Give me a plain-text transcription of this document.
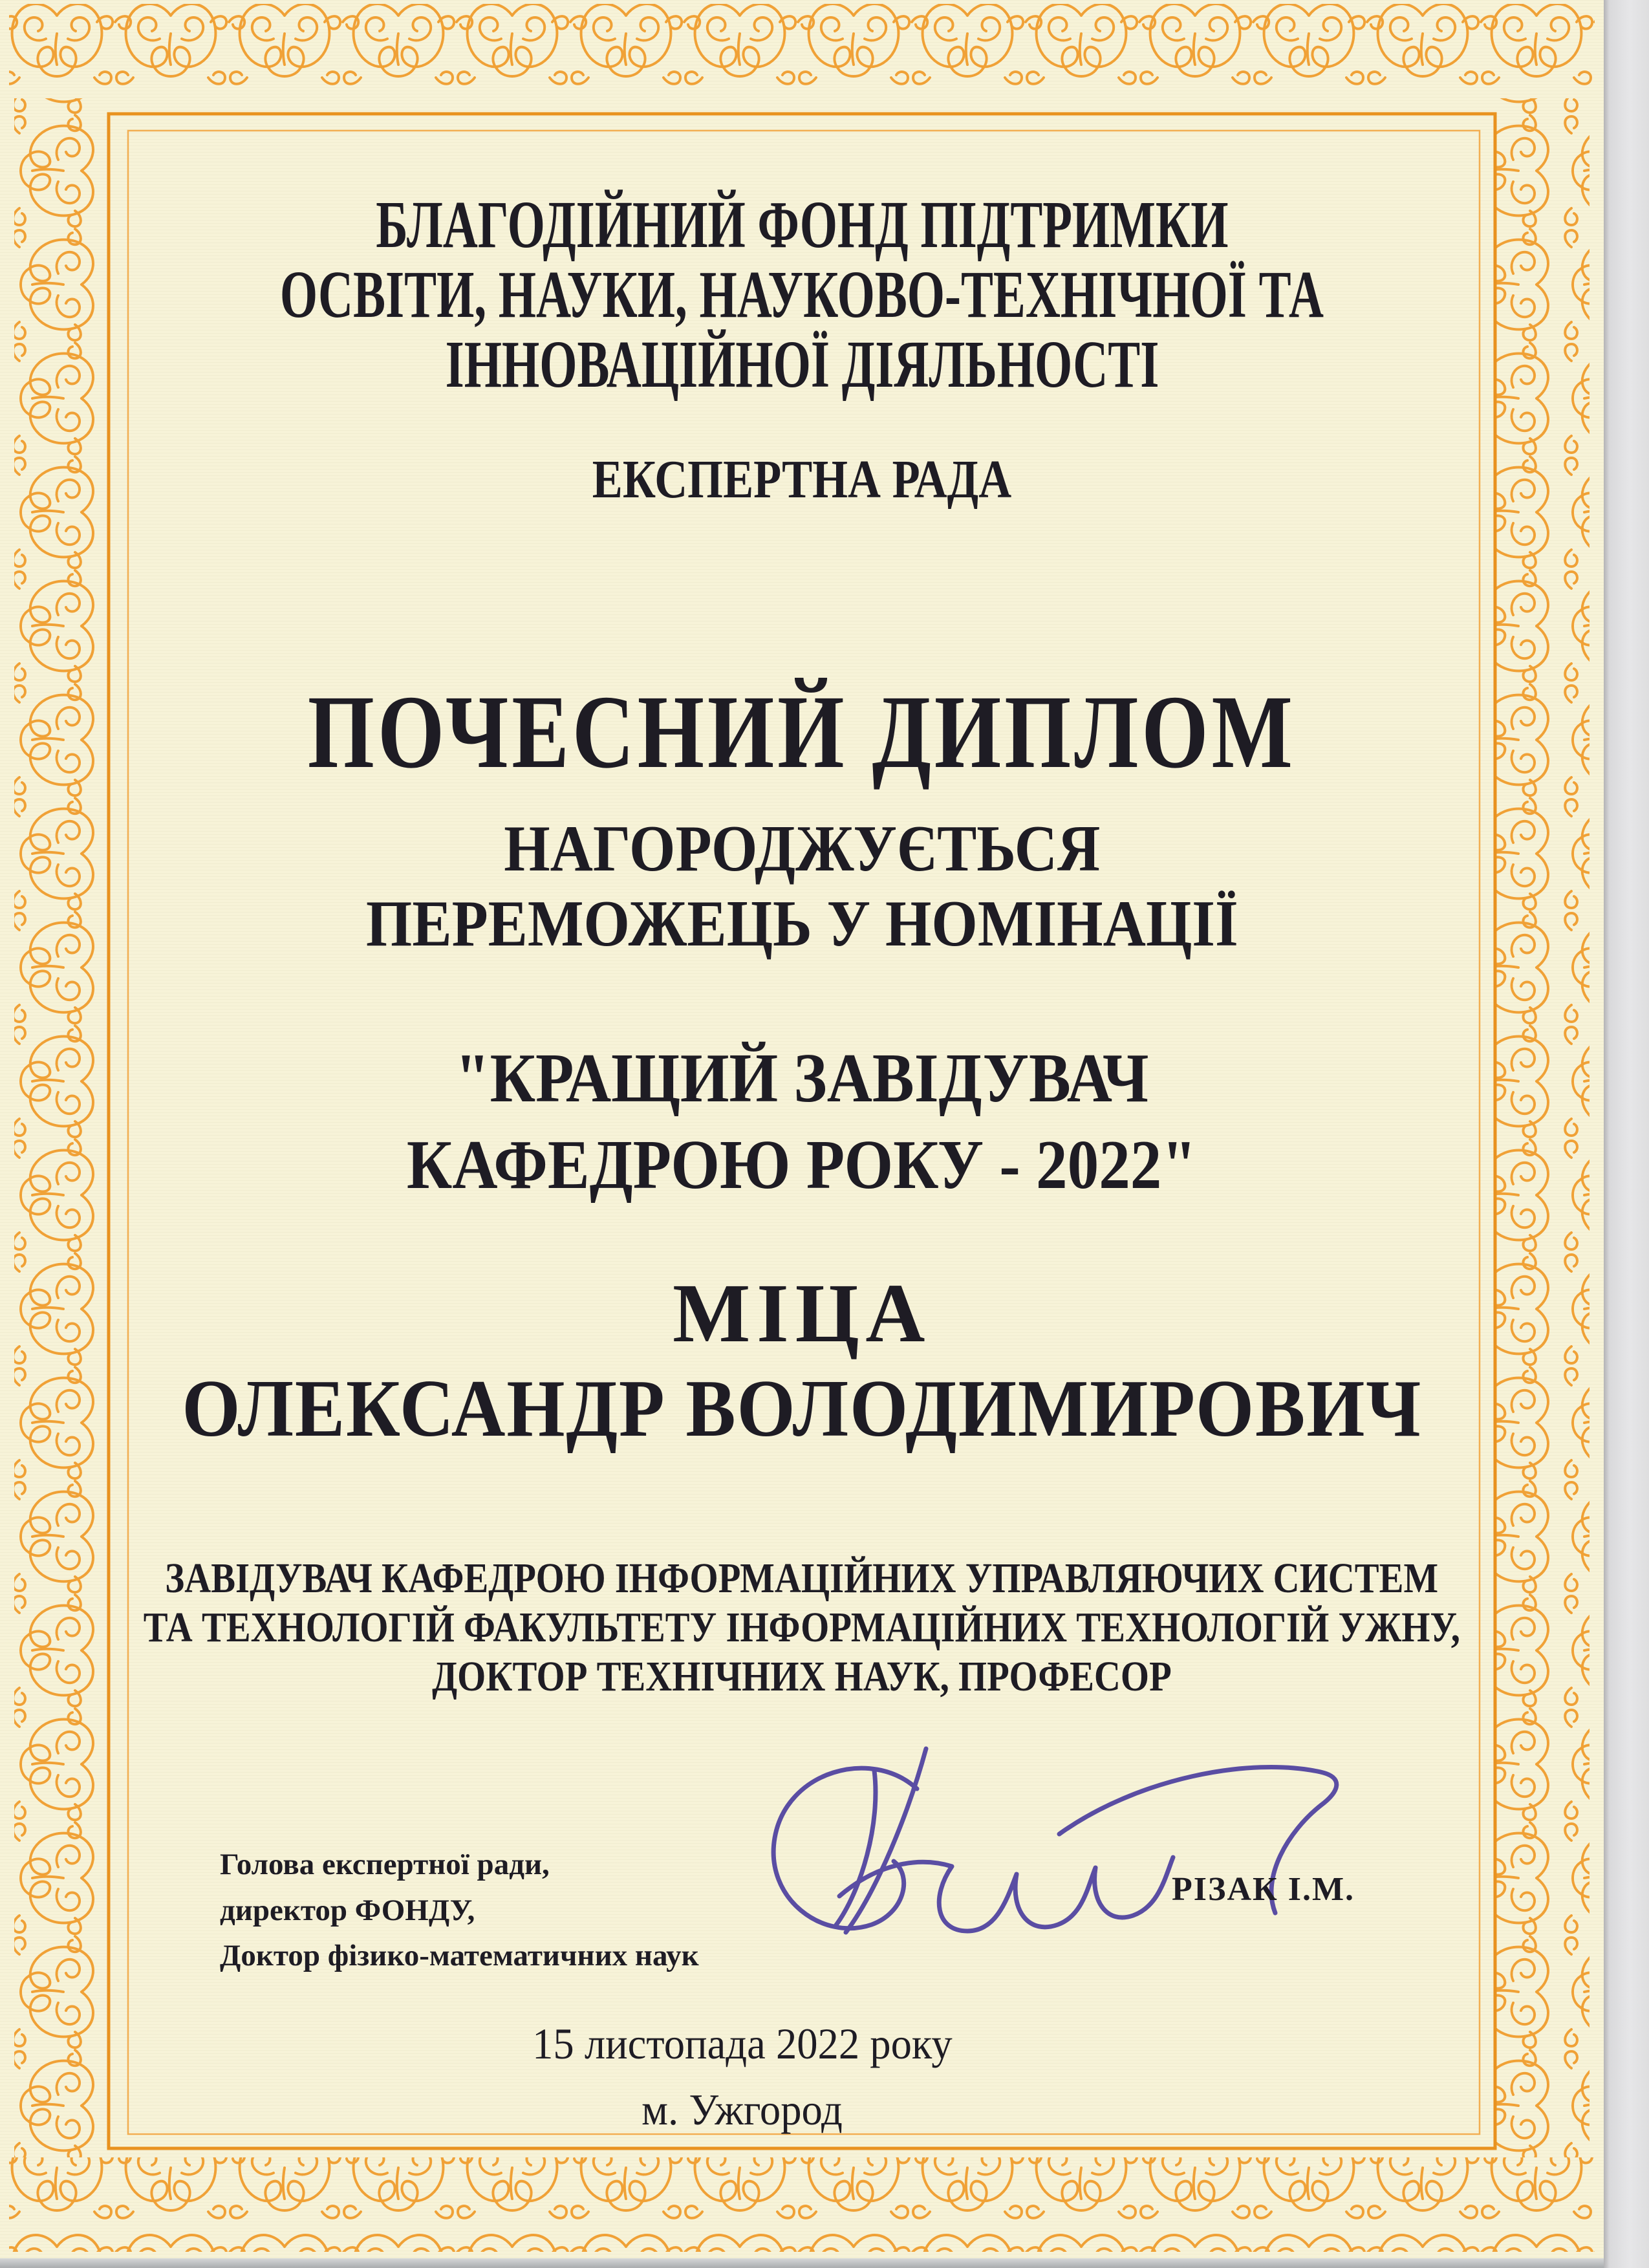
БЛАГОДІЙНИЙ ФОНД ПІДТРИМКИ
ОСВІТИ, НАУКИ, НАУКОВО-ТЕХНІЧНОЇ ТА
ІННОВАЦІЙНОЇ ДІЯЛЬНОСТІ
ЕКСПЕРТНА РАДА
ПОЧЕСНИЙ ДИПЛОМ
НАГОРОДЖУЄТЬСЯ
ПЕРЕМОЖЕЦЬ У НОМІНАЦІЇ
"КРАЩИЙ ЗАВІДУВАЧ
КАФЕДРОЮ РОКУ - 2022"
МІЦА
ОЛЕКСАНДР ВОЛОДИМИРОВИЧ
ЗАВІДУВАЧ КАФЕДРОЮ ІНФОРМАЦІЙНИХ УПРАВЛЯЮЧИХ СИСТЕМ
ТА ТЕХНОЛОГІЙ ФАКУЛЬТЕТУ ІНФОРМАЦІЙНИХ ТЕХНОЛОГІЙ УЖНУ,
ДОКТОР ТЕХНІЧНИХ НАУК, ПРОФЕСОР
Голова експертної ради,
директор ФОНДУ,
Доктор фізико-математичних наук
РІЗАК І.М.
15 листопада 2022 року
м. Ужгород
